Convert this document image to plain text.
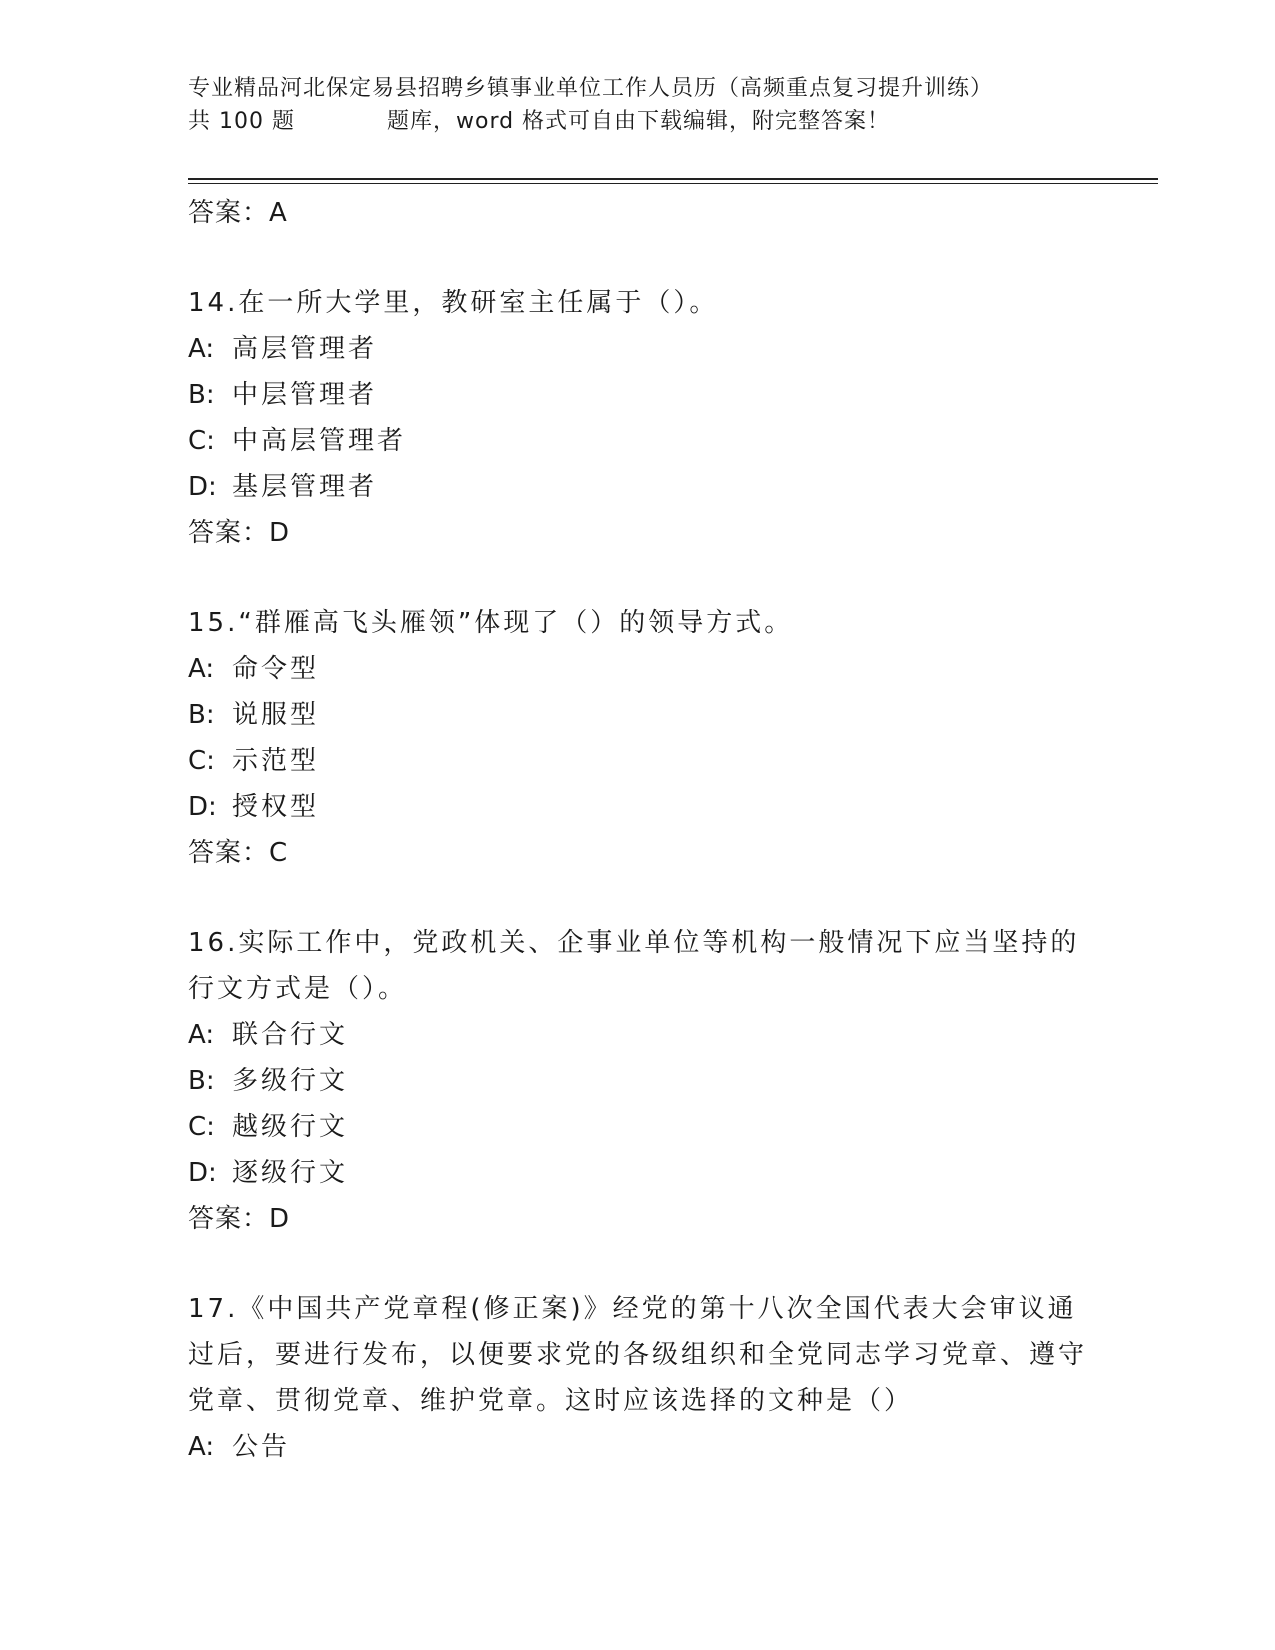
专业精品河北保定易县招聘乡镇事业单位工作人员历（高频重点复习提升训练）
共 100 题	题库，word 格式可自由下载编辑，附完整答案！
答案：A
14.在一所大学里，教研室主任属于（）。
A: 高层管理者
B: 中层管理者
C: 中高层管理者
D: 基层管理者
答案：D
15.“群雁高飞头雁领”体现了（）的领导方式。
A: 命令型
B: 说服型
C: 示范型
D: 授权型
答案：C
16.实际工作中，党政机关、企事业单位等机构一般情况下应当坚持的行文方式是（）。
A: 联合行文
B: 多级行文
C: 越级行文
D: 逐级行文
答案：D
17.《中国共产党章程(修正案)》经党的第十八次全国代表大会审议通过后，要进行发布，以便要求党的各级组织和全党同志学习党章、遵守党章、贯彻党章、维护党章。这时应该选择的文种是（）
A: 公告
